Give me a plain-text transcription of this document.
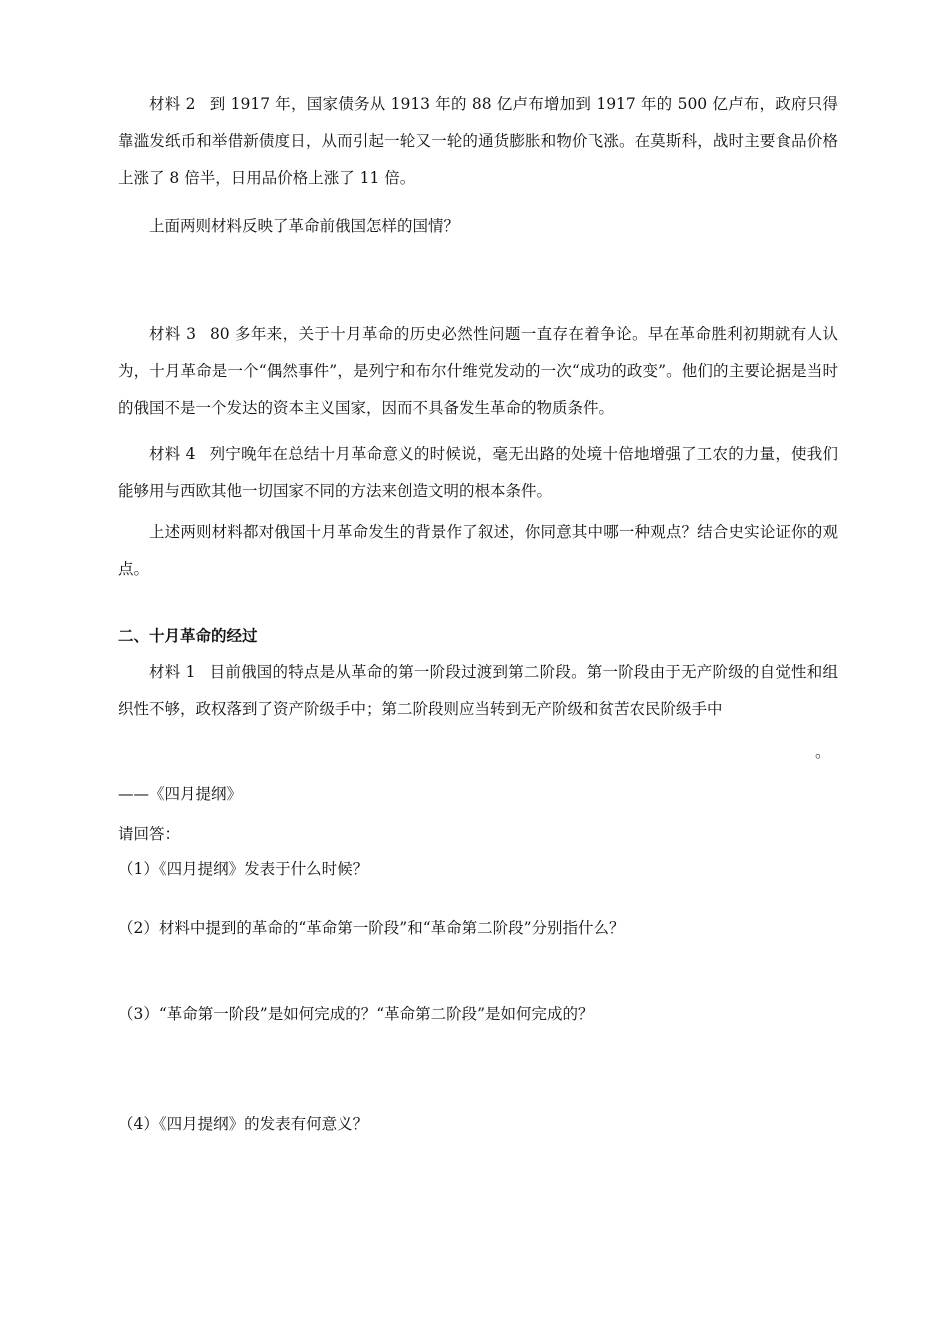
材料 2 到 1917 年，国家债务从 1913 年的 88 亿卢布增加到 1917 年的 500 亿卢布，政府只得靠滥发纸币和举借新债度日，从而引起一轮又一轮的通货膨胀和物价飞涨。在莫斯科，战时主要食品价格上涨了 8 倍半，日用品价格上涨了 11 倍。

上面两则材料反映了革命前俄国怎样的国情？

材料 3 80 多年来，关于十月革命的历史必然性问题一直存在着争论。早在革命胜利初期就有人认为，十月革命是一个“偶然事件”，是列宁和布尔什维党发动的一次“成功的政变”。他们的主要论据是当时的俄国不是一个发达的资本主义国家，因而不具备发生革命的物质条件。

材料 4 列宁晚年在总结十月革命意义的时候说，毫无出路的处境十倍地增强了工农的力量，使我们能够用与西欧其他一切国家不同的方法来创造文明的根本条件。

上述两则材料都对俄国十月革命发生的背景作了叙述，你同意其中哪一种观点？结合史实论证你的观点。

二、十月革命的经过

材料 1 目前俄国的特点是从革命的第一阶段过渡到第二阶段。第一阶段由于无产阶级的自觉性和组织性不够，政权落到了资产阶级手中；第二阶段则应当转到无产阶级和贫苦农民阶级手中

。
——《四月提纲》
请回答：
（1）《四月提纲》发表于什么时候？
（2）材料中提到的革命的“革命第一阶段”和“革命第二阶段”分别指什么？
（3）“革命第一阶段”是如何完成的？“革命第二阶段”是如何完成的？
（4）《四月提纲》的发表有何意义？
